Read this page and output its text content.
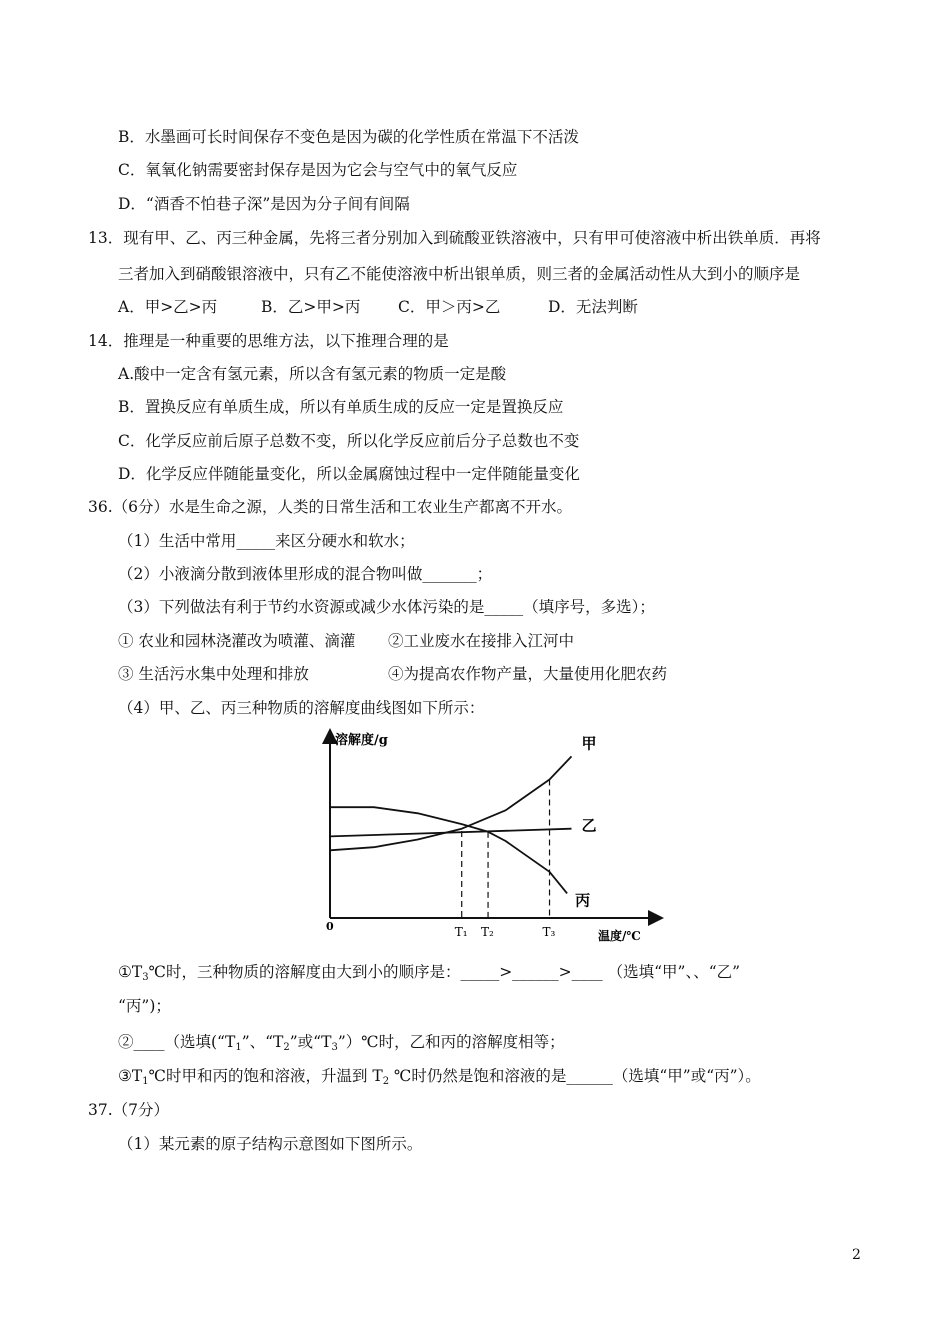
B．水墨画可长时间保存不变色是因为碳的化学性质在常温下不活泼
C．氧氧化钠需要密封保存是因为它会与空气中的氧气反应
D．“酒香不怕巷子深”是因为分子间有间隔
13．现有甲、乙、丙三种金属，先将三者分别加入到硫酸亚铁溶液中，只有甲可使溶液中析出铁单质．再将
三者加入到硝酸银溶液中，只有乙不能使溶液中析出银单质，则三者的金属活动性从大到小的顺序是
A．甲>乙>丙	B．乙>甲>丙 C．甲＞丙>乙	D．无法判断
14．推理是一种重要的思维方法，以下推理合理的是
A.酸中一定含有氢元素，所以含有氢元素的物质一定是酸
B．置换反应有单质生成，所以有单质生成的反应一定是置换反应
C．化学反应前后原子总数不变，所以化学反应前后分子总数也不变
D．化学反应伴随能量变化，所以金属腐蚀过程中一定伴随能量变化
36.（6分）水是生命之源，人类的日常生活和工农业生产都离不开水。
（1）生活中常用_____来区分硬水和软水；
（2）小液滴分散到液体里形成的混合物叫做_______；
（3）下列做法有利于节约水资源或减少水体污染的是_____（填序号，多选）；
① 农业和园林浇灌改为喷灌、滴灌 ②工业废水在接排入江河中
③ 生活污水集中处理和排放	④为提高农作物产量，大量使用化肥农药
（4）甲、乙、丙三种物质的溶解度曲线图如下所示：
溶解度/g
温度/℃
0	T₁ T₂	T₃
甲
乙
丙
$①T_3℃$时，三种物质的溶解度由大到小的顺序是：_____>______>____ （选填“甲”、、“乙”
“丙”)；
②____（选填(“$T_1$”、“$T_2$”或“$T_3”)℃$时，乙和丙的溶解度相等；
$③T_1℃$时甲和丙的饱和溶液，升温到 $T_2$ ℃时仍然是饱和溶液的是______（选填“甲”或“丙”）。
37.（7分）
（1）某元素的原子结构示意图如下图所示。
2
